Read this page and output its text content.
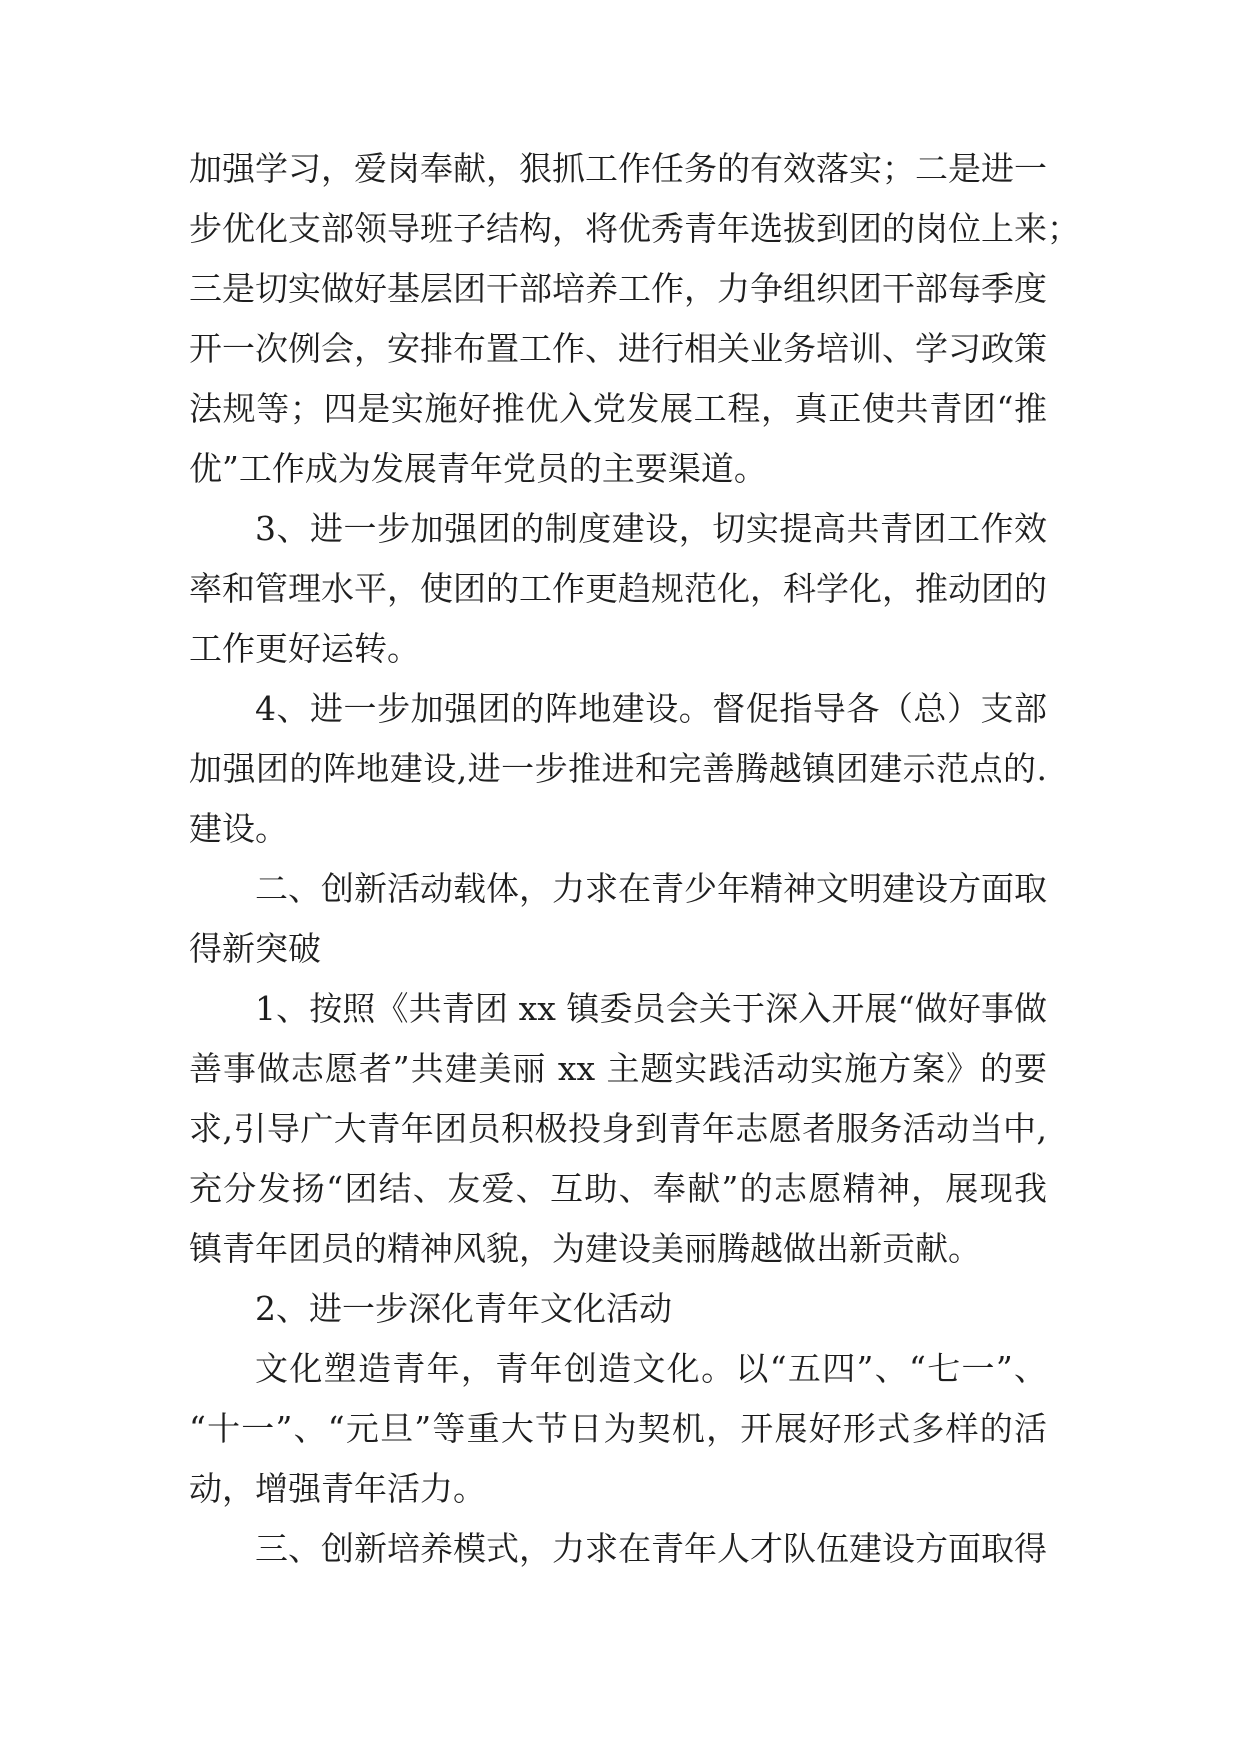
加强学习，爱岗奉献，狠抓工作任务的有效落实；二是进一
步优化支部领导班子结构，将优秀青年选拔到团的岗位上来；
三是切实做好基层团干部培养工作，力争组织团干部每季度
开一次例会，安排布置工作、进行相关业务培训、学习政策
法规等；四是实施好推优入党发展工程，真正使共青团“推
优”工作成为发展青年党员的主要渠道。
3、进一步加强团的制度建设，切实提高共青团工作效
率和管理水平，使团的工作更趋规范化，科学化，推动团的
工作更好运转。
4、进一步加强团的阵地建设。督促指导各（总）支部
加强团的阵地建设,进一步推进和完善腾越镇团建示范点的.
建设。
二、创新活动载体，力求在青少年精神文明建设方面取
得新突破
1、按照《共青团 xx 镇委员会关于深入开展“做好事做
善事做志愿者”共建美丽 xx 主题实践活动实施方案》的要
求,引导广大青年团员积极投身到青年志愿者服务活动当中,
充分发扬“团结、友爱、互助、奉献”的志愿精神，展现我
镇青年团员的精神风貌，为建设美丽腾越做出新贡献。
2、进一步深化青年文化活动
文化塑造青年，青年创造文化。以“五四”、“七一”、
“十一”、“元旦”等重大节日为契机，开展好形式多样的活
动，增强青年活力。
三、创新培养模式，力求在青年人才队伍建设方面取得
